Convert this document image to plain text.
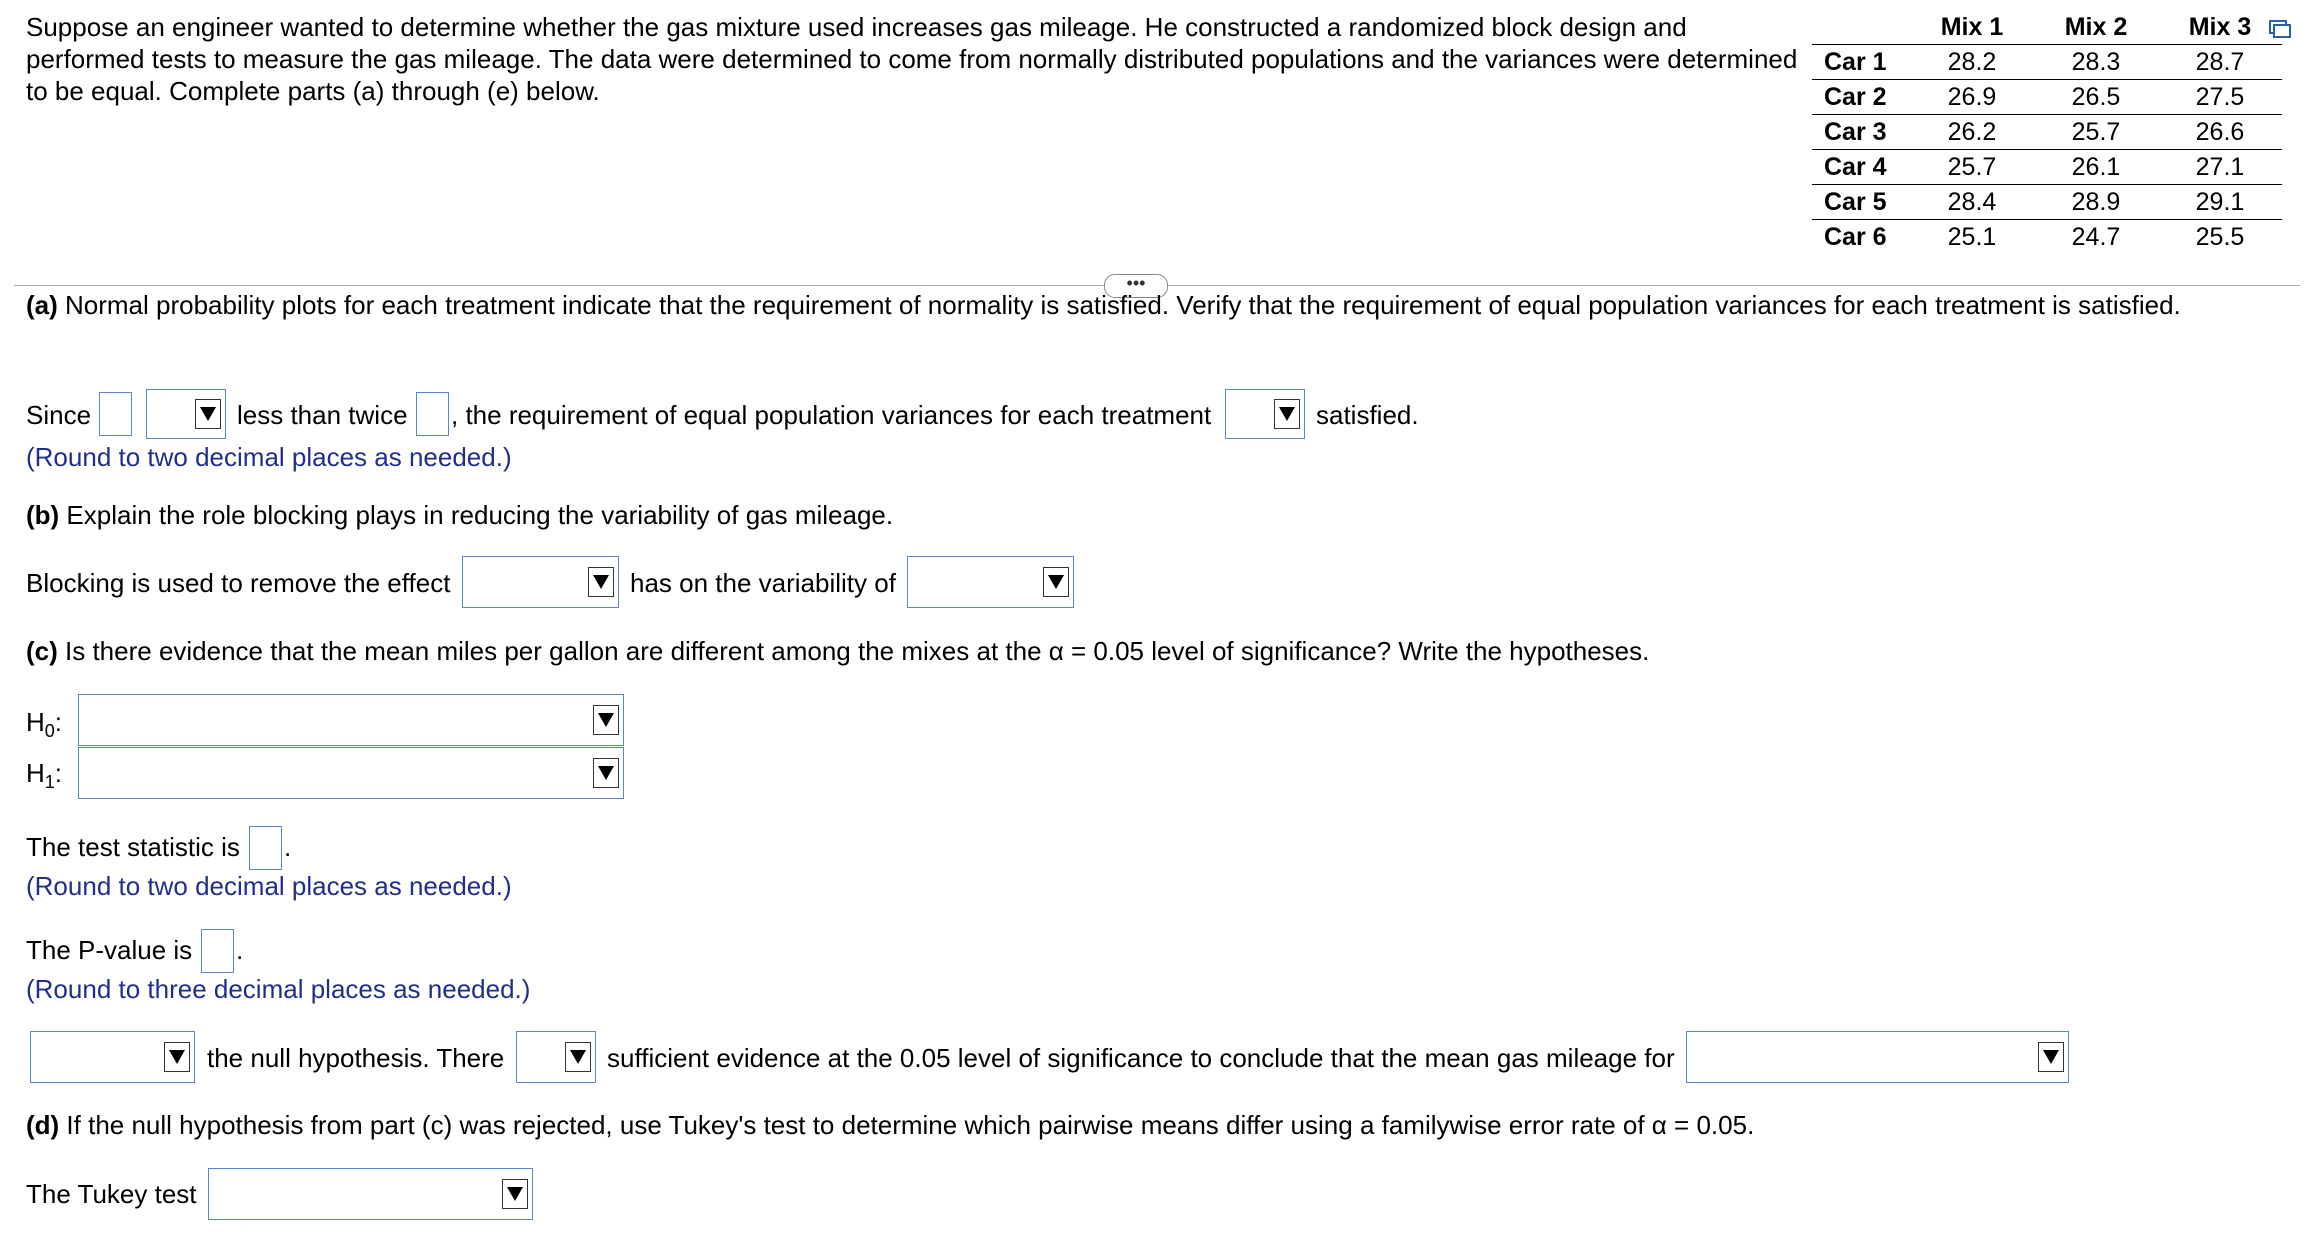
Suppose an engineer wanted to determine whether the gas mixture used increases gas mileage. He constructed a randomized block design and
performed tests to measure the gas mileage. The data were determined to come from normally distributed populations and the variances were determined
to be equal. Complete parts (a) through (e) below.
	Mix 1	Mix 2	Mix 3
Car 1	28.2	28.3	28.7
Car 2	26.9	26.5	27.5
Car 3	26.2	25.7	26.6
Car 4	25.7	26.1	27.1
Car 5	28.4	28.9	29.1
Car 6	25.1	24.7	25.5
•••
(a) Normal probability plots for each treatment indicate that the requirement of normality is satisfied. Verify that the requirement of equal population variances for each treatment is satisfied.
Since	less than twice , the requirement of equal population variances for each treatment	satisfied.
(Round to two decimal places as needed.)
(b) Explain the role blocking plays in reducing the variability of gas mileage.
Blocking is used to remove the effect	has on the variability of
(c) Is there evidence that the mean miles per gallon are different among the mixes at the α = 0.05 level of significance? Write the hypotheses.
$H_0$:
$H_1$:
The test statistic is .
(Round to two decimal places as needed.)
The P-value is .
(Round to three decimal places as needed.)
the null hypothesis. There	sufficient evidence at the 0.05 level of significance to conclude that the mean gas mileage for
(d) If the null hypothesis from part (c) was rejected, use Tukey's test to determine which pairwise means differ using a familywise error rate of α = 0.05.
The Tukey test
